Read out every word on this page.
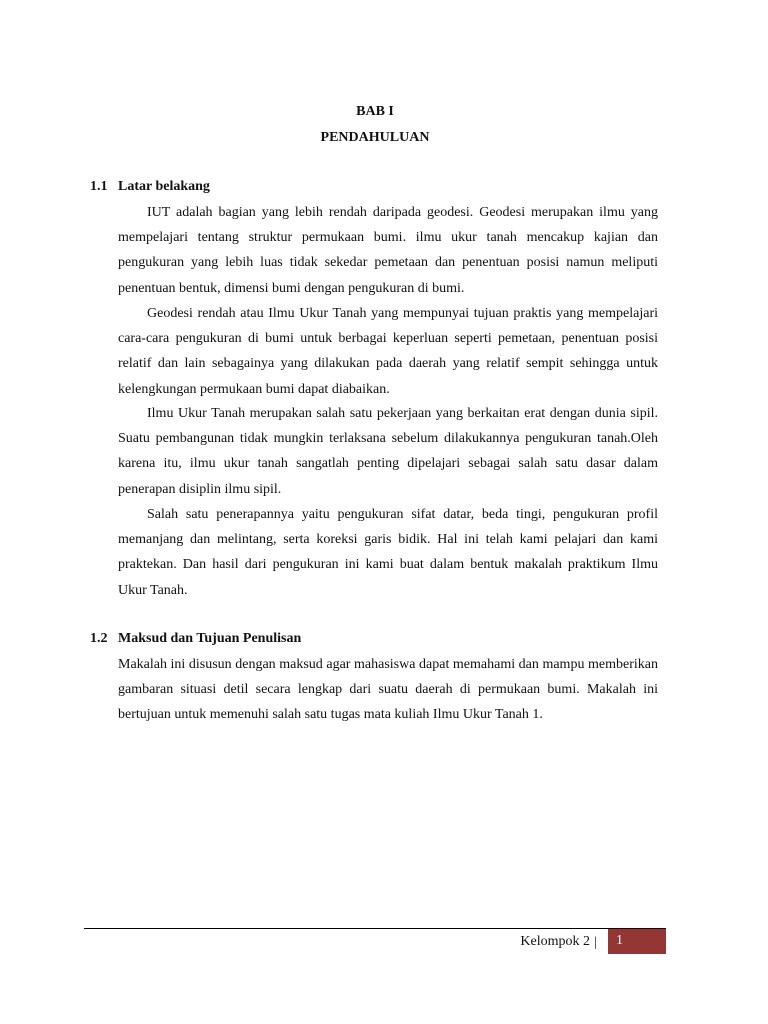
BAB I
PENDAHULUAN
1.1 Latar belakang

IUT adalah bagian yang lebih rendah daripada geodesi. Geodesi merupakan ilmu yang mempelajari tentang struktur permukaan bumi. ilmu ukur tanah mencakup kajian dan pengukuran yang lebih luas tidak sekedar pemetaan dan penentuan posisi namun meliputi penentuan bentuk, dimensi bumi dengan pengukuran di bumi.

Geodesi rendah atau Ilmu Ukur Tanah yang mempunyai tujuan praktis yang mempelajari cara-cara pengukuran di bumi untuk berbagai keperluan seperti pemetaan, penentuan posisi relatif dan lain sebagainya yang dilakukan pada daerah yang relatif sempit sehingga untuk kelengkungan permukaan bumi dapat diabaikan.

Ilmu Ukur Tanah merupakan salah satu pekerjaan yang berkaitan erat dengan dunia sipil. Suatu pembangunan tidak mungkin terlaksana sebelum dilakukannya pengukuran tanah.Oleh karena itu, ilmu ukur tanah sangatlah penting dipelajari sebagai salah satu dasar dalam penerapan disiplin ilmu sipil.

Salah satu penerapannya yaitu pengukuran sifat datar, beda tingi, pengukuran profil memanjang dan melintang, serta koreksi garis bidik. Hal ini telah kami pelajari dan kami praktekan. Dan hasil dari pengukuran ini kami buat dalam bentuk makalah praktikum Ilmu Ukur Tanah.

1.2 Maksud dan Tujuan Penulisan

Makalah ini disusun dengan maksud agar mahasiswa dapat memahami dan mampu memberikan gambaran situasi detil secara lengkap dari suatu daerah di permukaan bumi. Makalah ini bertujuan untuk memenuhi salah satu tugas mata kuliah Ilmu Ukur Tanah 1.

Kelompok 2 | 1
